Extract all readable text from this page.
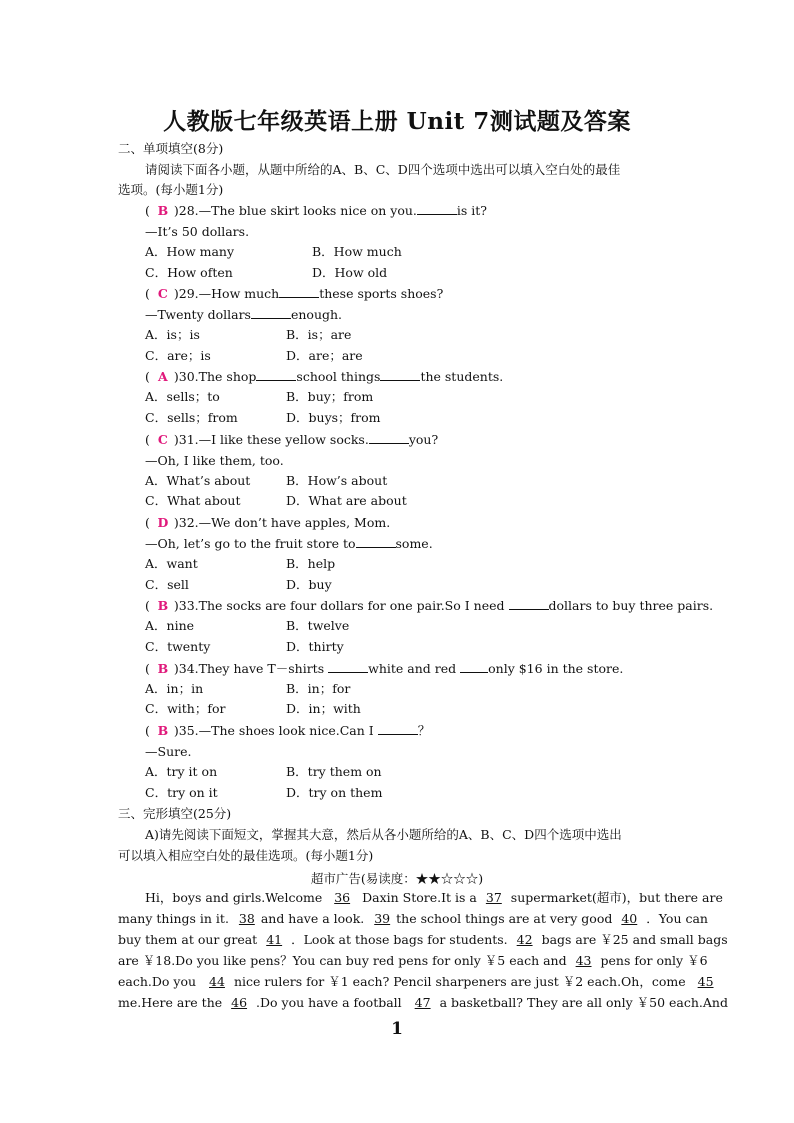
人教版七年级英语上册 Unit 7测试题及答案
二、单项填空(8分)
请阅读下面各小题，从题中所给的A、B、C、D四个选项中选出可以填入空白处的最佳
选项。(每小题1分)
( B )28.—The blue skirt looks nice on you.	is it?
—It’s 50 dollars.
A．How many	B．How much
C．How often	D．How old
( C )29.—How much	these sports shoes?
—Twenty dollars	enough.
A．is；is	B．is；are
C．are；is	D．are；are
( A )30.The shop	school things	the students.
A．sells；to	B．buy；from
C．sells；from	D．buys；from
( C )31.—I like these yellow socks.	you?
—Oh, I like them, too.
A．What’s about	B．How’s about
C．What about	D．What are about
( D )32.—We don’t have apples, Mom.
—Oh, let’s go to the fruit store to	some.
A．want	B．help
C．sell	D．buy
( B )33.The socks are four dollars for one pair.So I need	dollars to buy three pairs.
A．nine	B．twelve
C．twenty	D．thirty
( B )34.They have T－shirts	white and red	only $16 in the store.
A．in；in	B．in；for
C．with；for	D．in；with
( B )35.—The shoes look nice.Can I	？
—Sure.
A．try it on	B．try them on
C．try on it	D．try on them
三、完形填空(25分)
A)请先阅读下面短文，掌握其大意，然后从各小题所给的A、B、C、D四个选项中选出
可以填入相应空白处的最佳选项。(每小题1分)
超市广告(易读度：★★☆☆☆)
Hi，boys and girls.Welcome 36 Daxin Store.It is a 37 supermarket(超市)，but there are
many things in it. 38 and have a look. 39 the school things are at very good 40 ．You can
buy them at our great 41 ．Look at those bags for students. 42 bags are ￥25 and small bags
are ￥18.Do you like pens？You can buy red pens for only ￥5 each and 43 pens for only ￥6
each.Do you 44 nice rulers for ￥1 each? Pencil sharpeners are just ￥2 each.Oh，come 45
me.Here are the 46 .Do you have a football 47 a basketball? They are all only ￥50 each.And
1
